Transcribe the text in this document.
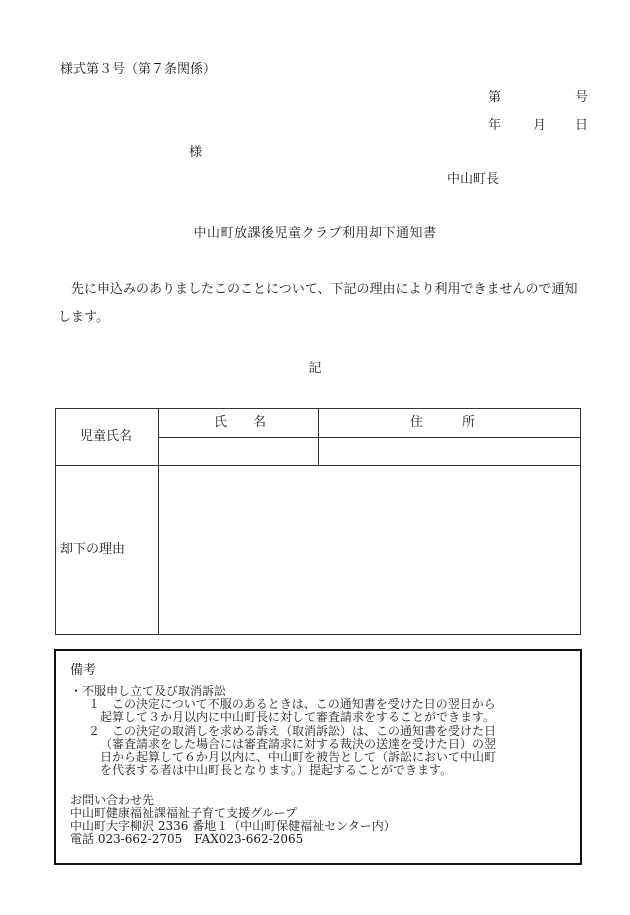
様式第３号（第７条関係）
第	号
年 月 日
様
中山町長
中山町放課後児童クラブ利用却下通知書

先に申込みのありましたこのことについて、下記の理由により利用できませんので通知します。

記
児童氏名
氏　　名	住　　　所
却下の理由
備考
・不服申し立て及び取消訴訟
１　この決定について不服のあるときは、この通知書を受けた日の翌日から
起算して３か月以内に中山町長に対して審査請求をすることができます。
２　この決定の取消しを求める訴え（取消訴訟）は、この通知書を受けた日
（審査請求をした場合には審査請求に対する裁決の送達を受けた日）の翌
日から起算して６か月以内に、中山町を被告として（訴訟において中山町
を代表する者は中山町長となります。）提起することができます。
お問い合わせ先
中山町健康福祉課福祉子育て支援グループ
中山町大字柳沢 2336 番地１（中山町保健福祉センター内）
電話 023-662-2705　FAX023-662-2065
